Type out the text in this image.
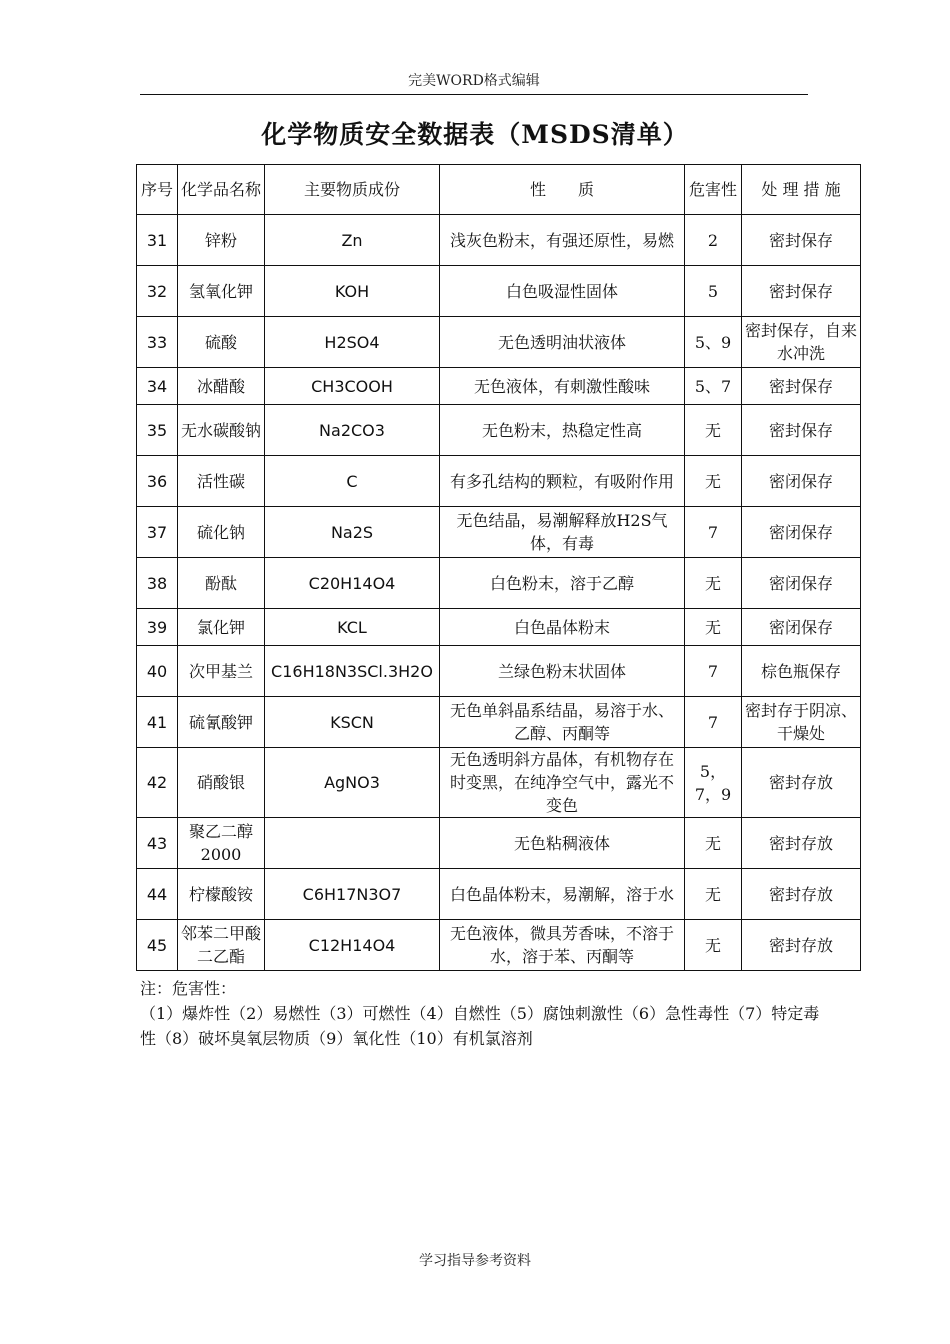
完美WORD格式编辑
化学物质安全数据表（MSDS清单）
序号	化学品名称	主要物质成份	性　　质	危害性	处 理 措 施
31	锌粉	Zn	浅灰色粉末，有强还原性，易燃	2	密封保存
32	氢氧化钾	KOH	白色吸湿性固体	5	密封保存
33	硫酸	H2SO4	无色透明油状液体	5、9	密封保存，自来水冲洗
34	冰醋酸	CH3COOH	无色液体，有刺激性酸味	5、7	密封保存
35	无水碳酸钠	Na2CO3	无色粉末，热稳定性高	无	密封保存
36	活性碳	C	有多孔结构的颗粒，有吸附作用	无	密闭保存
37	硫化钠	Na2S	无色结晶，易潮解释放H2S气体，有毒	7	密闭保存
38	酚酞	C20H14O4	白色粉末，溶于乙醇	无	密闭保存
39	氯化钾	KCL	白色晶体粉末	无	密闭保存
40	次甲基兰	C16H18N3SCl.3H2O	兰绿色粉末状固体	7	棕色瓶保存
41	硫氰酸钾	KSCN	无色单斜晶系结晶，易溶于水、乙醇、丙酮等	7	密封存于阴凉、干燥处
42	硝酸银	AgNO3	无色透明斜方晶体，有机物存在时变黑，在纯净空气中，露光不变色	5，7，9	密封存放
43	聚乙二醇2000		无色粘稠液体	无	密封存放
44	柠檬酸铵	C6H17N3O7	白色晶体粉末，易潮解，溶于水	无	密封存放
45	邻苯二甲酸二乙酯	C12H14O4	无色液体，微具芳香味，不溶于水，溶于苯、丙酮等	无	密封存放
注：危害性：
（1）爆炸性（2）易燃性（3）可燃性（4）自燃性（5）腐蚀刺激性（6）急性毒性（7）特定毒性（8）破坏臭氧层物质（9）氧化性（10）有机氯溶剂
学习指导参考资料
